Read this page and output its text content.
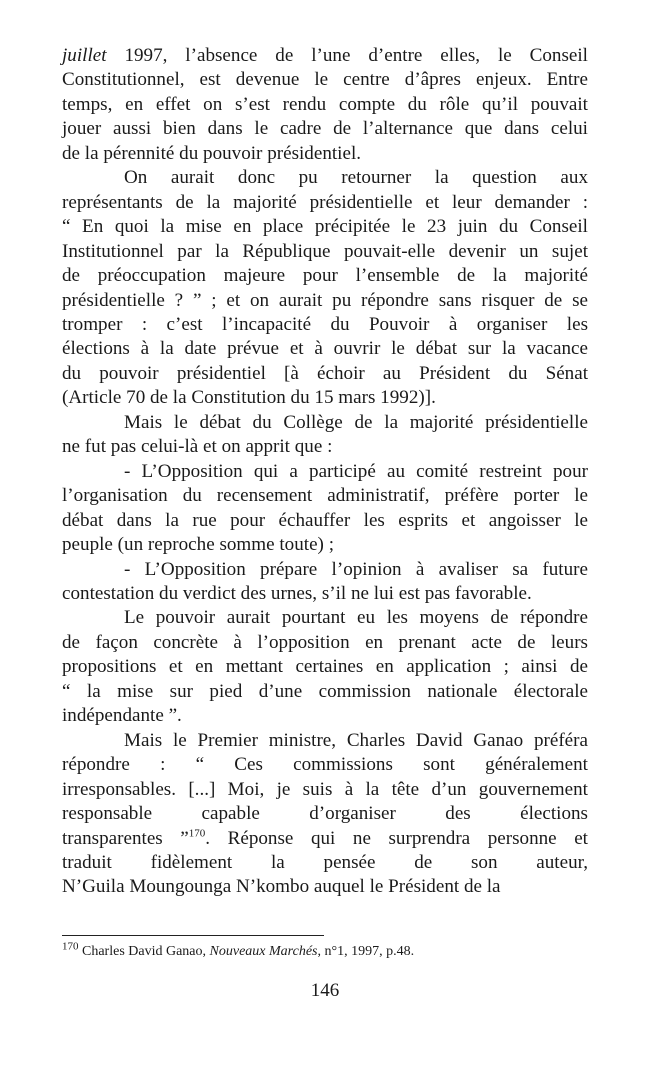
juillet 1997, l’absence de l’une d’entre elles, le Conseil
Constitutionnel, est devenue le centre d’âpres enjeux. Entre
temps, en effet on s’est rendu compte du rôle qu’il pouvait
jouer aussi bien dans le cadre de l’alternance que dans celui
de la pérennité du pouvoir présidentiel.

On aurait donc pu retourner la question aux
représentants de la majorité présidentielle et leur demander :
“ En quoi la mise en place précipitée le 23 juin du Conseil
Institutionnel par la République pouvait-elle devenir un sujet
de préoccupation majeure pour l’ensemble de la majorité
présidentielle ? ” ; et on aurait pu répondre sans risquer de se
tromper : c’est l’incapacité du Pouvoir à organiser les
élections à la date prévue et à ouvrir le débat sur la vacance
du pouvoir présidentiel [à échoir au Président du Sénat
(Article 70 de la Constitution du 15 mars 1992)].

Mais le débat du Collège de la majorité présidentielle
ne fut pas celui-là et on apprit que :

- L’Opposition qui a participé au comité restreint pour
l’organisation du recensement administratif, préfère porter le
débat dans la rue pour échauffer les esprits et angoisser le
peuple (un reproche somme toute) ;

- L’Opposition prépare l’opinion à avaliser sa future
contestation du verdict des urnes, s’il ne lui est pas favorable.

Le pouvoir aurait pourtant eu les moyens de répondre
de façon concrète à l’opposition en prenant acte de leurs
propositions et en mettant certaines en application ; ainsi de
“ la mise sur pied d’une commission nationale électorale
indépendante ”.

Mais le Premier ministre, Charles David Ganao préféra
répondre : “ Ces commissions sont généralement
irresponsables. [...] Moi, je suis à la tête d’un gouvernement
responsable capable d’organiser des élections
transparentes ”$^{170}$. Réponse qui ne surprendra personne et
traduit fidèlement la pensée de son auteur,
N’Guila Moungounga N’kombo auquel le Président de la

$^{170}$ Charles David Ganao, Nouveaux Marchés, n°1, 1997, p.48.
146
